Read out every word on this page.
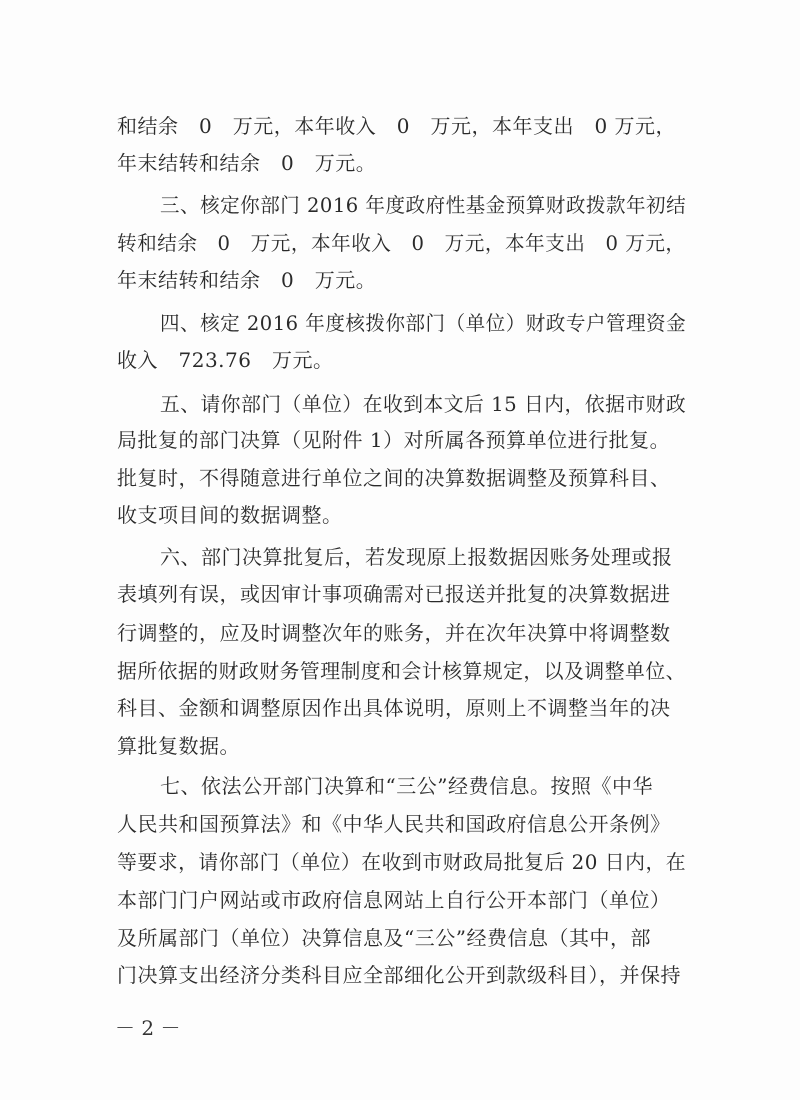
和结余　0　万元，本年收入　0　万元，本年支出　0 万元，
年末结转和结余　0　万元。
三、核定你部门 2016 年度政府性基金预算财政拨款年初结
转和结余　0　万元，本年收入　0　万元，本年支出　0 万元，
年末结转和结余　0　万元。
四、核定 2016 年度核拨你部门（单位）财政专户管理资金
收入　723.76　万元。
五、请你部门（单位）在收到本文后 15 日内，依据市财政
局批复的部门决算（见附件 1）对所属各预算单位进行批复。
批复时，不得随意进行单位之间的决算数据调整及预算科目、
收支项目间的数据调整。
六、部门决算批复后，若发现原上报数据因账务处理或报
表填列有误，或因审计事项确需对已报送并批复的决算数据进
行调整的，应及时调整次年的账务，并在次年决算中将调整数
据所依据的财政财务管理制度和会计核算规定，以及调整单位、
科目、金额和调整原因作出具体说明，原则上不调整当年的决
算批复数据。
七、依法公开部门决算和“三公”经费信息。按照《中华
人民共和国预算法》和《中华人民共和国政府信息公开条例》
等要求，请你部门（单位）在收到市财政局批复后 20 日内，在
本部门门户网站或市政府信息网站上自行公开本部门（单位）
及所属部门（单位）决算信息及“三公”经费信息（其中，部
门决算支出经济分类科目应全部细化公开到款级科目），并保持
－ 2 －
